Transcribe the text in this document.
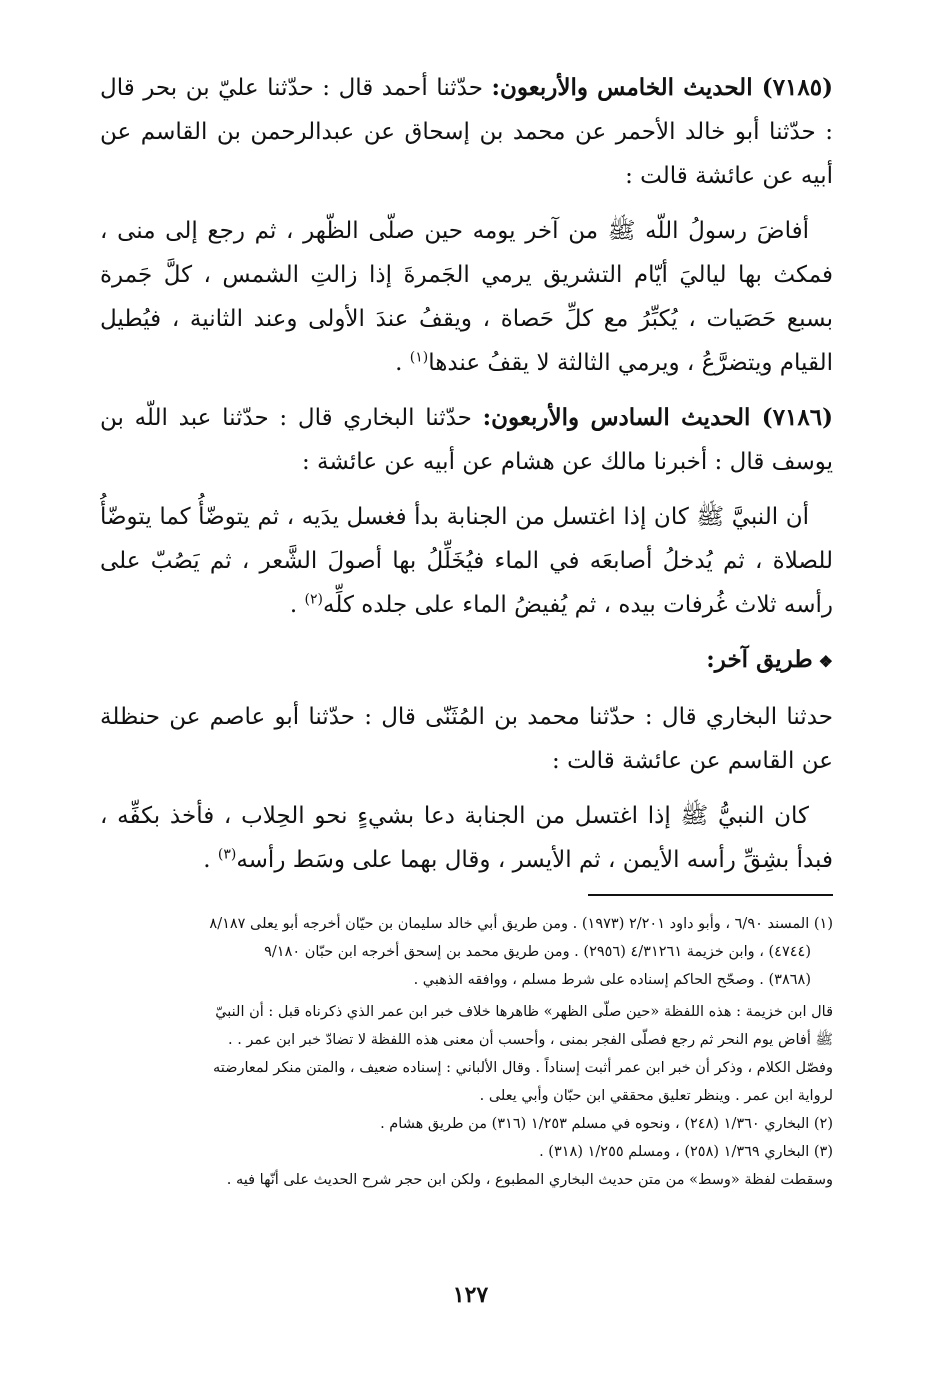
(٧١٨٥) الحديث الخامس والأربعون: حدّثنا أحمد قال : حدّثنا عليّ بن بحر قال : حدّثنا أبو خالد الأحمر عن محمد بن إسحاق عن عبدالرحمن بن القاسم عن أبيه عن عائشة قالت :

أفاضَ رسولُ اللّه ﷺ من آخر يومه حين صلّى الظّهر ، ثم رجع إلى منى ، فمكث بها لياليَ أيّام التشريق يرمي الجَمرةَ إذا زالتِ الشمس ، كلَّ جَمرة بسبع حَصَيات ، يُكبِّرُ مع كلِّ حَصاة ، ويقفُ عندَ الأولى وعند الثانية ، فيُطيل القيام ويتضرَّعُ ، ويرمي الثالثة لا يقفُ عندها$^{(١)}$ .

(٧١٨٦) الحديث السادس والأربعون: حدّثنا البخاري قال : حدّثنا عبد اللّه بن يوسف قال : أخبرنا مالك عن هشام عن أبيه عن عائشة :

أن النبيَّ ﷺ كان إذا اغتسل من الجنابة بدأ فغسل يدَيه ، ثم يتوضّأُ كما يتوضّأُ للصلاة ، ثم يُدخلُ أصابعَه في الماء فيُخَلِّلُ بها أصولَ الشَّعر ، ثم يَصُبّ على رأسه ثلاث غُرفات بيده ، ثم يُفيضُ الماء على جلده كلِّه$^{(٢)}$ .

❖طريق آخر:

حدثنا البخاري قال : حدّثنا محمد بن المُثَنّى قال : حدّثنا أبو عاصم عن حنظلة عن القاسم عن عائشة قالت :

كان النبيُّ ﷺ إذا اغتسل من الجنابة دعا بشيءٍ نحو الحِلاب ، فأخذ بكفِّه ، فبدأ بشِقِّ رأسه الأيمن ، ثم الأيسر ، وقال بهما على وسَط رأسه$^{(٣)}$ .

(١) المسند ٦/٩٠ ، وأبو داود ٢/٢٠١ (١٩٧٣) . ومن طريق أبي خالد سليمان بن حيّان أخرجه أبو يعلى ٨/١٨٧

(٤٧٤٤) ، وابن خزيمة ٤/٣١٢٦١ (٢٩٥٦) . ومن طريق محمد بن إسحق أخرجه ابن حبّان ٩/١٨٠

(٣٨٦٨) . وصحّح الحاكم إسناده على شرط مسلم ، ووافقه الذهبي .

قال ابن خزيمة : هذه اللفظة «حين صلّى الظهر» ظاهرها خلاف خبر ابن عمر الذي ذكرناه قبل : أن النبيّ

ﷺ أفاض يوم النحر ثم رجع فصلّى الفجر بمنى ، وأحسب أن معنى هذه اللفظة لا تضادّ خبر ابن عمر . .

وفصّل الكلام ، وذكر أن خبر ابن عمر أثبت إسناداً . وقال الألباني : إسناده ضعيف ، والمتن منكر لمعارضته

لرواية ابن عمر . وينظر تعليق محققي ابن حبّان وأبي يعلى .

(٢) البخاري ١/٣٦٠ (٢٤٨) ، ونحوه في مسلم ١/٢٥٣ (٣١٦) من طريق هشام .

(٣) البخاري ١/٣٦٩ (٢٥٨) ، ومسلم ١/٢٥٥ (٣١٨) .

وسقطت لفظة «وسط» من متن حديث البخاري المطبوع ، ولكن ابن حجر شرح الحديث على أنّها فيه .

١٢٧
